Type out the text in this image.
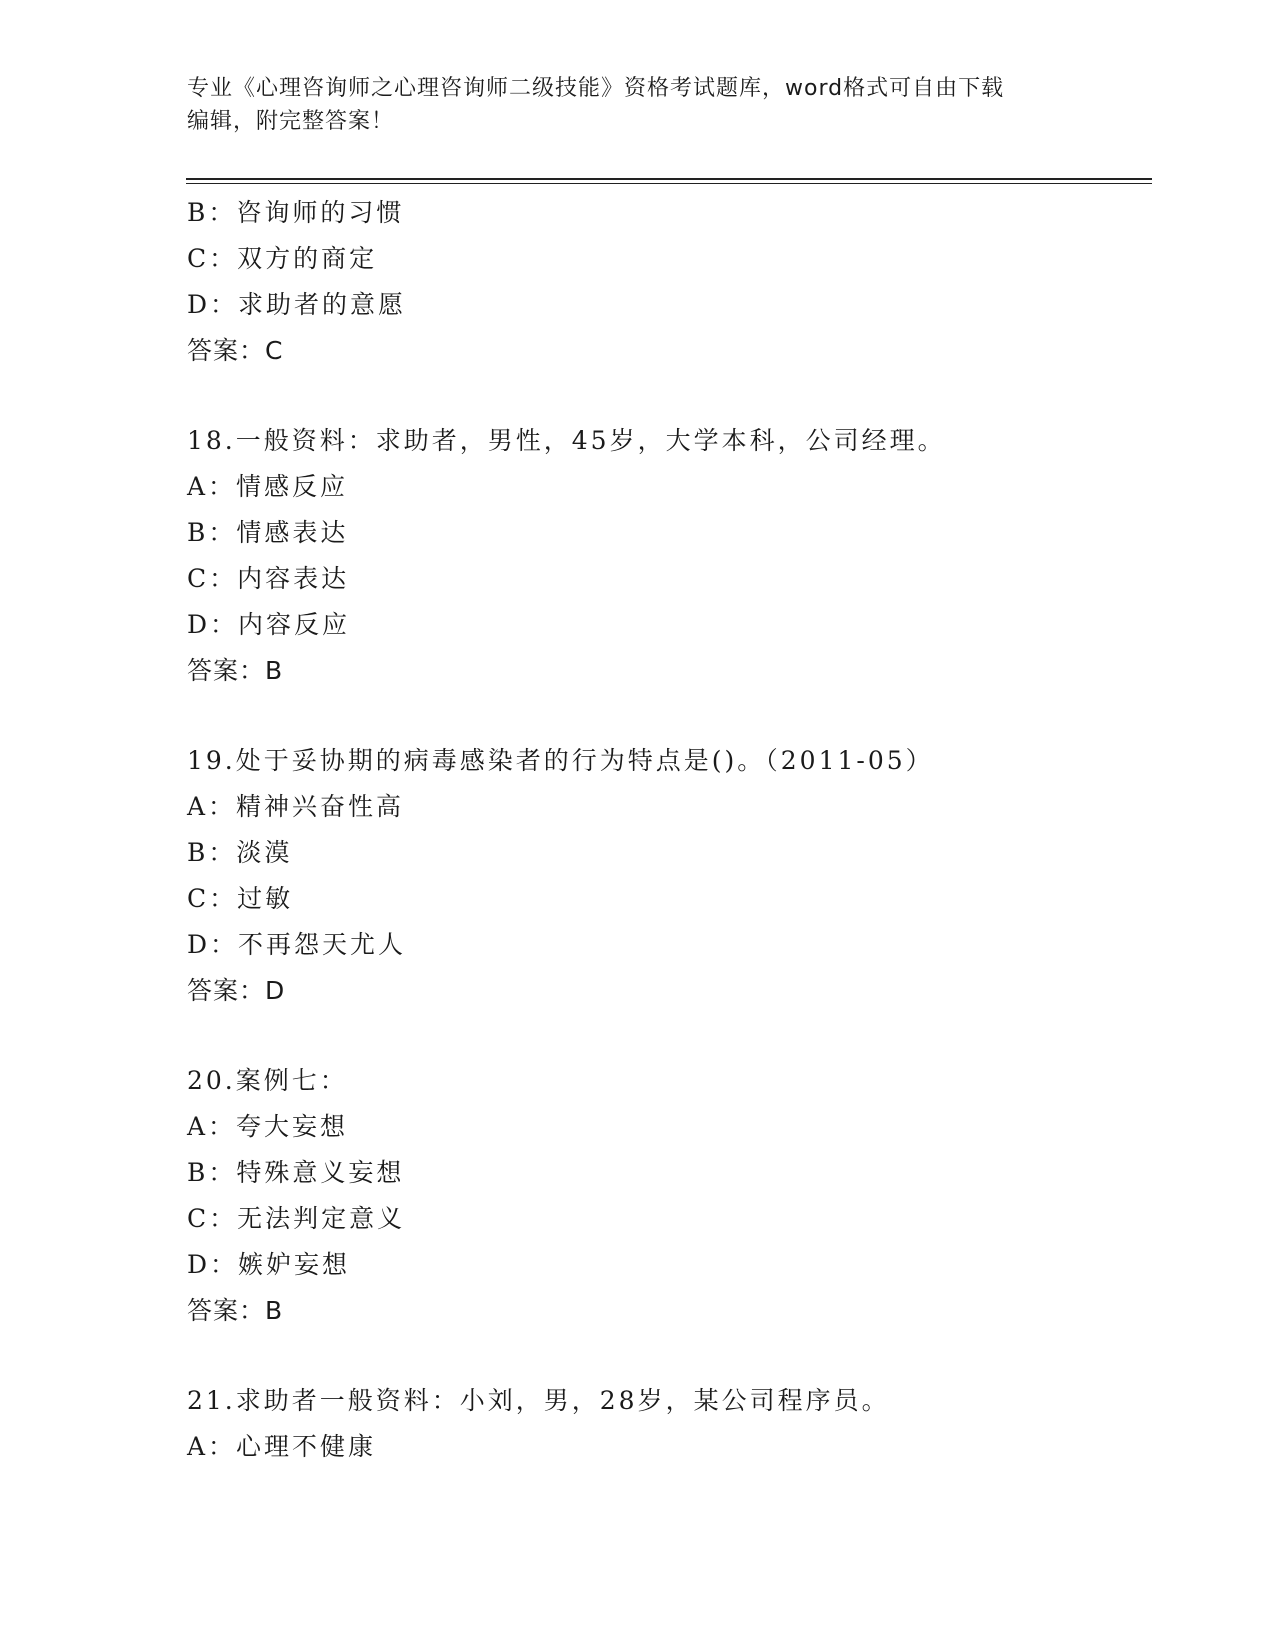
专业《心理咨询师之心理咨询师二级技能》资格考试题库，word格式可自由下载
编辑，附完整答案！
B：咨询师的习惯
C：双方的商定
D：求助者的意愿
答案：C
18.一般资料：求助者，男性，45岁，大学本科，公司经理。
A：情感反应
B：情感表达
C：内容表达
D：内容反应
答案：B
19.处于妥协期的病毒感染者的行为特点是()。（2011-05）
A：精神兴奋性高
B：淡漠
C：过敏
D：不再怨天尤人
答案：D
20.案例七：
A：夸大妄想
B：特殊意义妄想
C：无法判定意义
D：嫉妒妄想
答案：B
21.求助者一般资料：小刘，男，28岁，某公司程序员。
A：心理不健康
